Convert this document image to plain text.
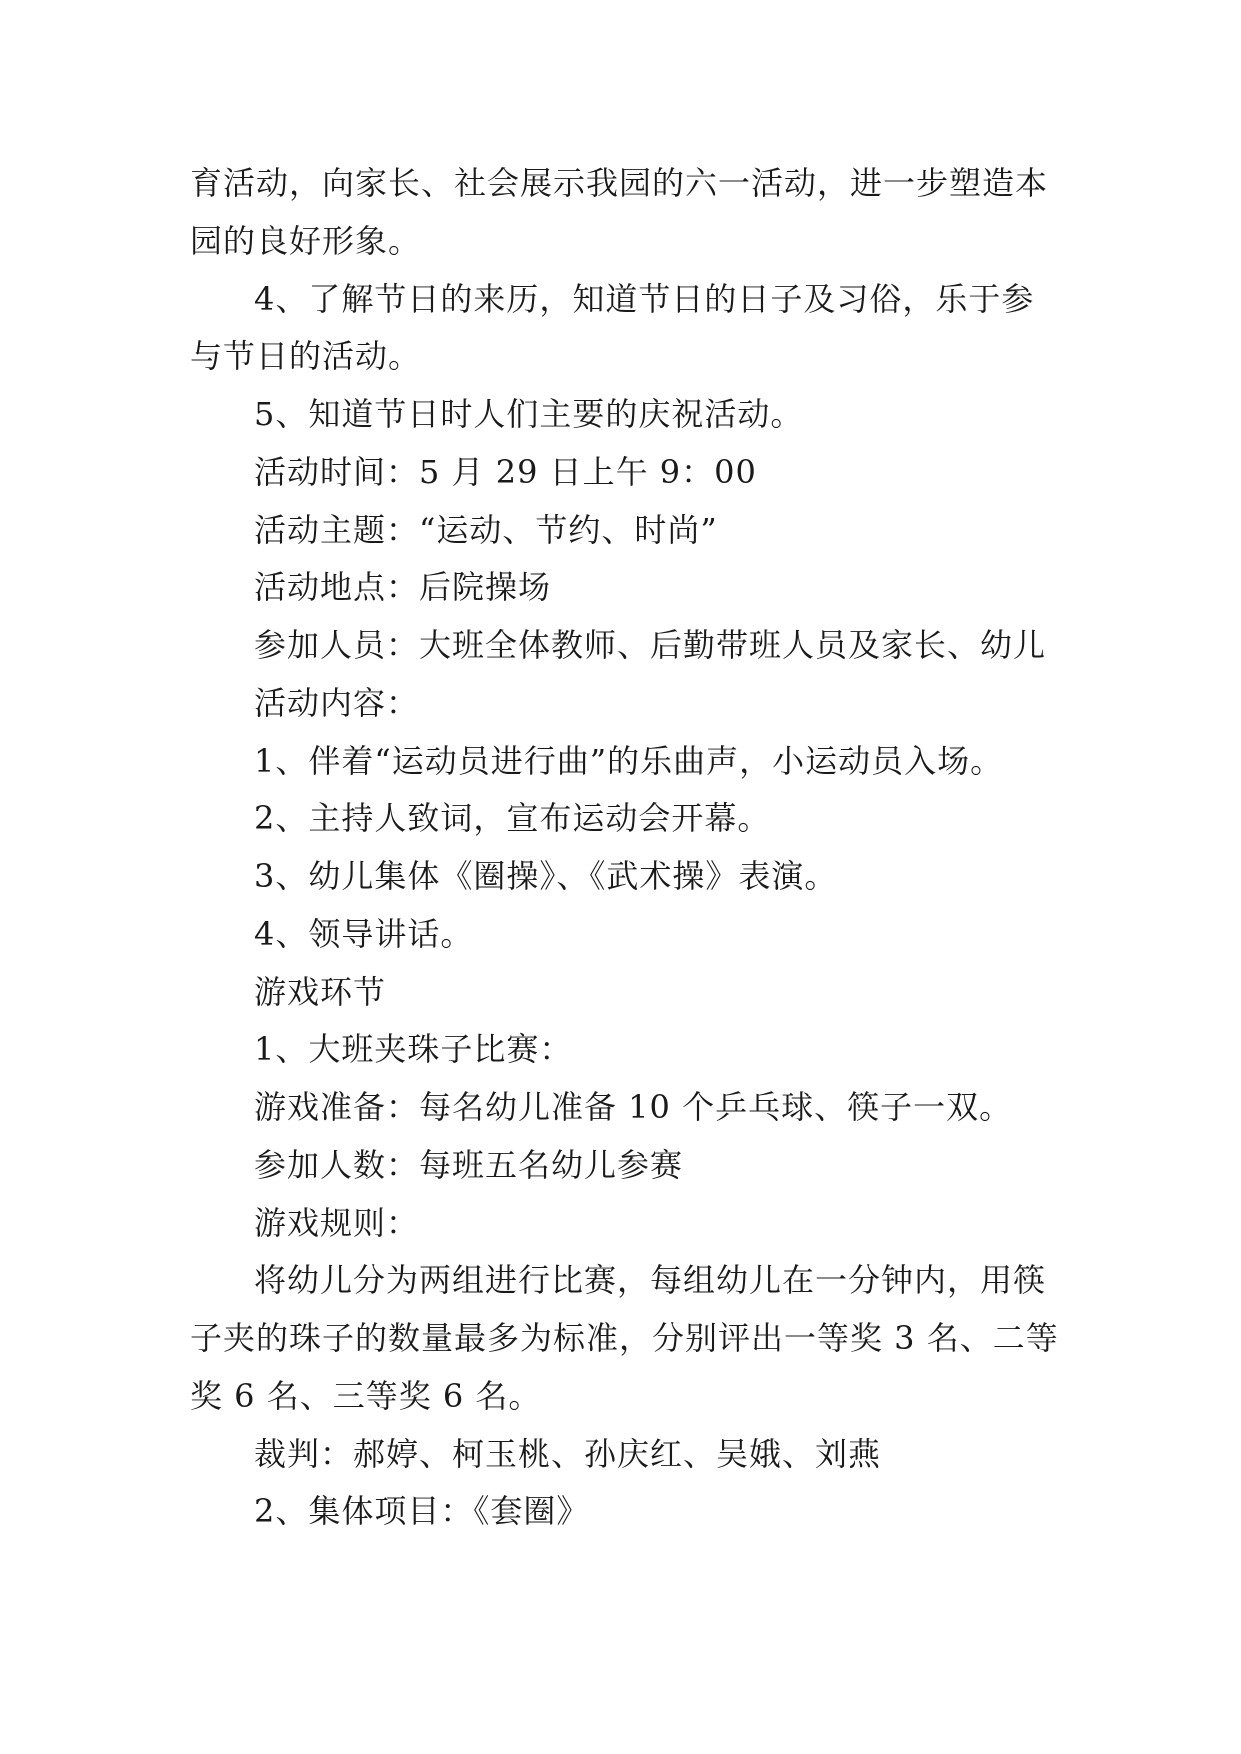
育活动，向家长、社会展示我园的六一活动，进一步塑造本
园的良好形象。
4、了解节日的来历，知道节日的日子及习俗，乐于参
与节日的活动。
5、知道节日时人们主要的庆祝活动。
活动时间：5 月 29 日上午 9：00
活动主题：“运动、节约、时尚”
活动地点：后院操场
参加人员：大班全体教师、后勤带班人员及家长、幼儿
活动内容：
1、伴着“运动员进行曲”的乐曲声，小运动员入场。
2、主持人致词，宣布运动会开幕。
3、幼儿集体《圈操》、《武术操》表演。
4、领导讲话。
游戏环节
1、大班夹珠子比赛：
游戏准备：每名幼儿准备 10 个乒乓球、筷子一双。
参加人数：每班五名幼儿参赛
游戏规则：
将幼儿分为两组进行比赛，每组幼儿在一分钟内，用筷
子夹的珠子的数量最多为标准，分别评出一等奖 3 名、二等
奖 6 名、三等奖 6 名。
裁判：郝婷、柯玉桃、孙庆红、吴娥、刘燕
2、集体项目：《套圈》
